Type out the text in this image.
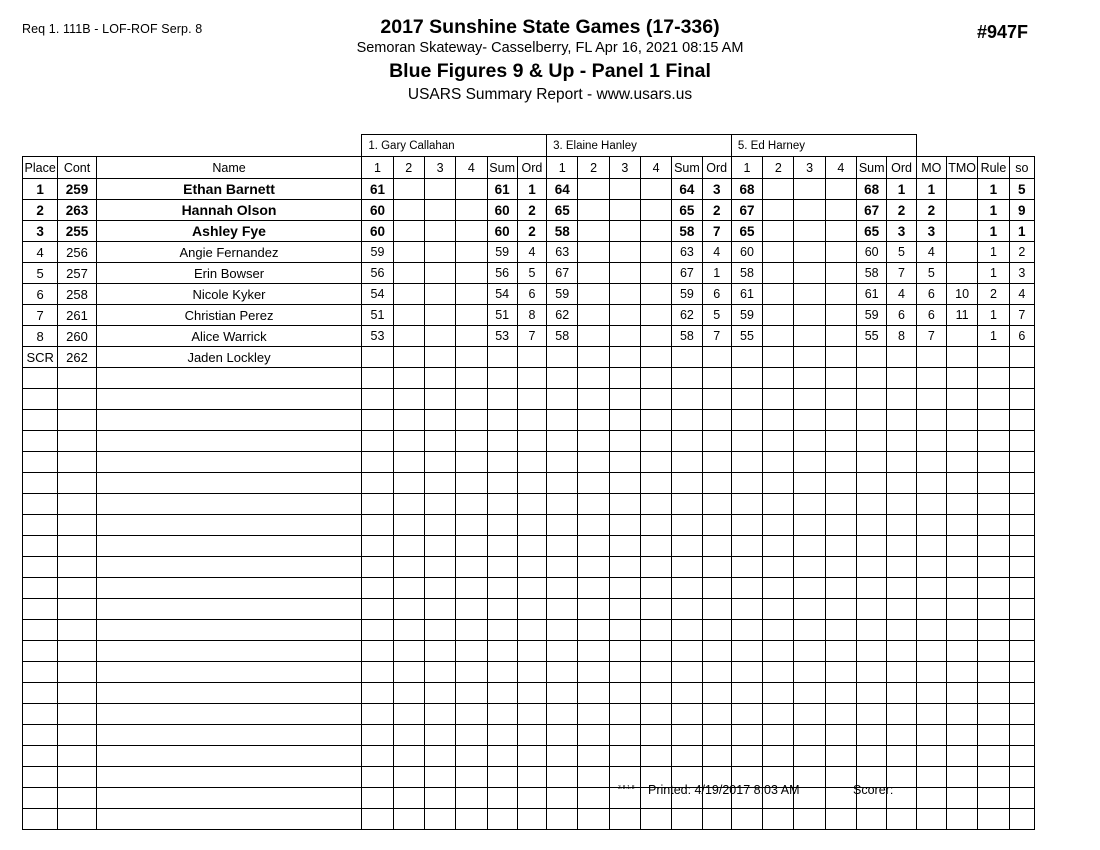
Req 1. 111B - LOF-ROF Serp. 8	#947F
2017 Sunshine State Games (17-336)
Semoran Skateway- Casselberry, FL Apr 16, 2021 08:15 AM
Blue Figures 9 & Up - Panel 1 Final
USARS Summary Report - www.usars.us
			1. Gary Callahan						3. Elaine Hanley						5. Ed Harney									
Place	Cont	Name	1	2	3	4	Sum	Ord	1	2	3	4	Sum	Ord	1	2	3	4	Sum	Ord	MO	TMO	Rule	so
1	259	Ethan Barnett	61				61	1	64				64	3	68				68	1	1		1	5
2	263	Hannah Olson	60				60	2	65				65	2	67				67	2	2		1	9
3	255	Ashley Fye	60				60	2	58				58	7	65				65	3	3		1	1
4	256	Angie Fernandez	59				59	4	63				63	4	60				60	5	4		1	2
5	257	Erin Bowser	56				56	5	67				67	1	58				58	7	5		1	3
6	258	Nicole Kyker	54				54	6	59				59	6	61				61	4	6	10	2	4
7	261	Christian Perez	51				51	8	62				62	5	59				59	6	6	11	1	7
8	260	Alice Warrick	53				53	7	58				58	7	55				55	8	7		1	6
SCR	262	Jaden Lockley																						

3.8.1.8 Printed: 4/19/2017 8:03 AM	Scorer:
